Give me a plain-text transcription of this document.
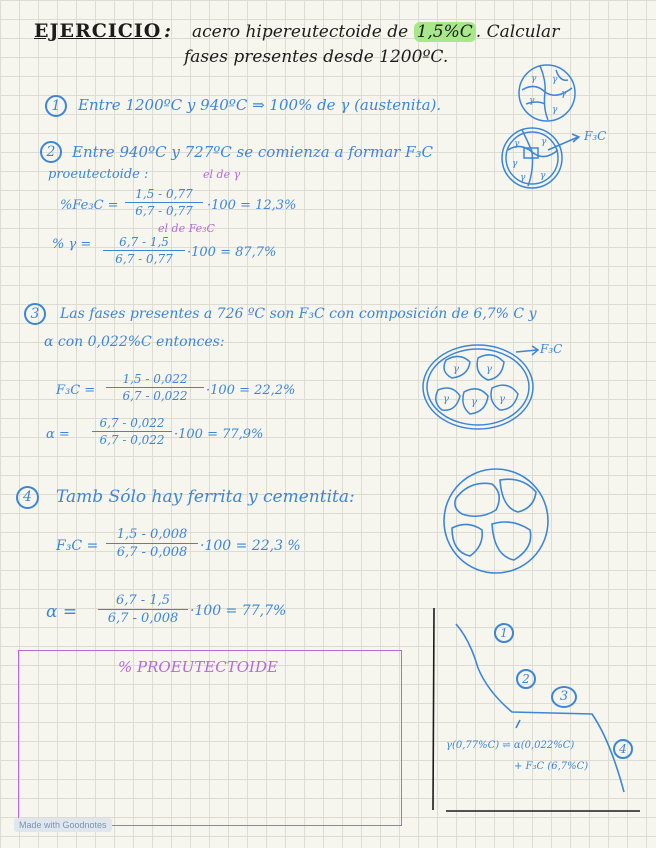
EJERCICIO : acero hipereutectoide de 1,5%C . Calcular
fases presentes desde 1200ºC.
1	Entre 1200ºC y 940ºC ⇒ 100% de γ (austenita).
2	Entre 940ºC y 727ºC se comienza a formar F₃C
proeutectoide :	el de γ
$\%Fe_3C = \frac{1,5 - 0,77}{6,7 - 0,77} \cdot 100 = 12,3\%$
el de Fe₃C
% $\gamma = \frac{6,7 - 1,5}{6,7 - 0,77} \cdot 100 = 87,7\%$
F₃C
3	Las fases presentes a 726 ºC son F₃C con composición de 6,7% C y
α con 0,022%C entonces:
$F_3C = \frac{1,5 - 0,022}{6,7 - 0,022} \cdot 100 = 22,2\%$
$\alpha = \frac{6,7 - 0,022}{6,7 - 0,022} \cdot 100 = 77,9\%$
F₃C
4	Tamb Sólo hay ferrita y cementita:
$F_3C = \frac{1,5 - 0,008}{6,7 - 0,008} \cdot 100 = 22,3$ %
$\alpha = \frac{6,7 - 1,5}{6,7 - 0,008} \cdot 100 = 77,7\%$
% PROEUTECTOIDE
γ γ
γ
γ
γ
γ
γ γ
γ
γ
γ	γ
γ γ γ
1
2
3
4
γ(0,77%C) ⇌ α(0,022%C)
+ F₃C (6,7%C)
Made with Goodnotes
